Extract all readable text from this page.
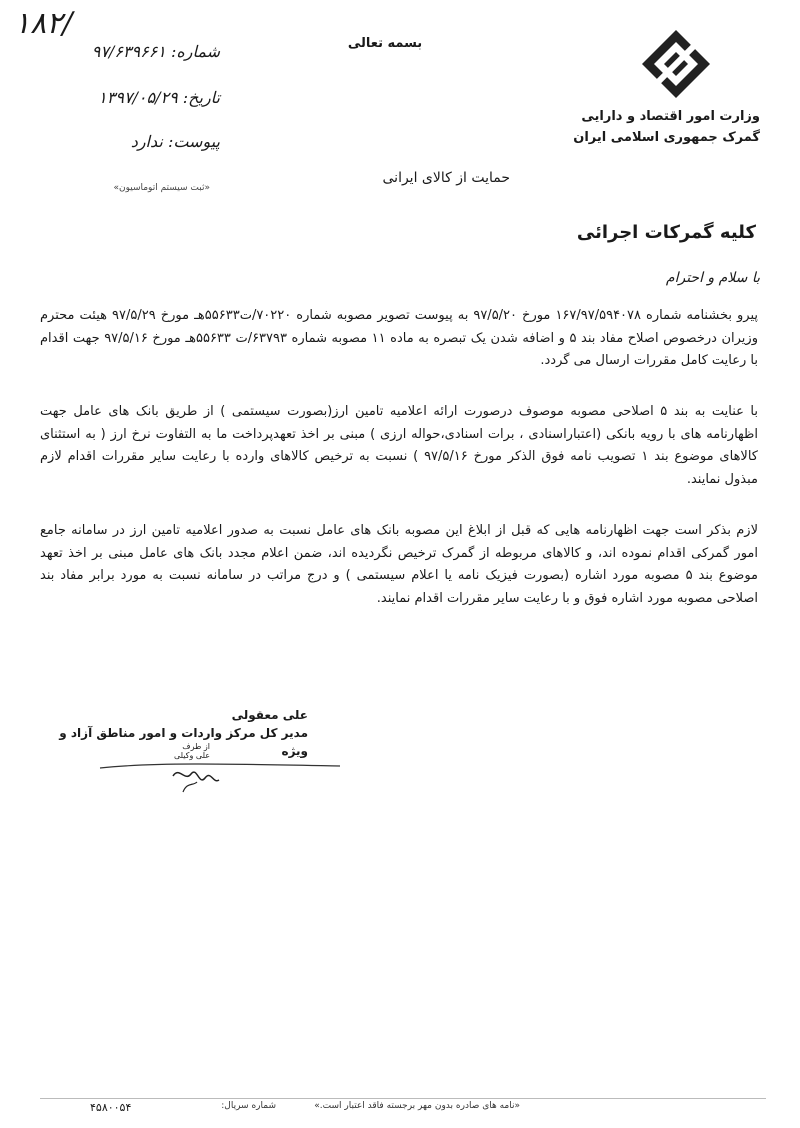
۱۸۲/
بسمه تعالی
شماره: ۹۷/۶۳۹۶۶۱
تاریخ: ۱۳۹۷/۰۵/۲۹
پیوست: ندارد
«ثبت سیستم اتوماسیون»
وزارت امور اقتصاد و دارایی
گمرک جمهوری اسلامی ایران
حمایت از کالای ایرانی
کلیه گمرکات اجرائی
با سلام و احترام
پیرو بخشنامه شماره ۱۶۷/۹۷/۵۹۴۰۷۸ مورخ ۹۷/۵/۲۰ به پیوست تصویر مصوبه شماره ۷۰۲۲۰/ت۵۵۶۳۳هـ مورخ ۹۷/۵/۲۹ هیئت محترم وزیران درخصوص اصلاح مفاد بند ۵ و اضافه شدن یک تبصره به ماده ۱۱ مصوبه شماره ۶۳۷۹۳/ت ۵۵۶۳۳هـ مورخ ۹۷/۵/۱۶ جهت اقدام با رعایت کامل مقررات ارسال می گردد.
با عنایت به بند ۵ اصلاحی مصوبه موصوف درصورت ارائه اعلامیه تامین ارز(بصورت سیستمی ) از طریق بانک های عامل جهت اظهارنامه های با رویه بانکی (اعتباراسنادی ، برات اسنادی،حواله ارزی ) مبنی بر اخذ تعهدپرداخت ما به التفاوت نرخ ارز ( به استثنای کالاهای موضوع بند ۱ تصویب نامه فوق الذکر مورخ ۹۷/۵/۱۶ ) نسبت به ترخیص کالاهای وارده با رعایت سایر مقررات اقدام لازم مبذول نمایند.
لازم بذکر است جهت اظهارنامه هایی که قبل از ابلاغ این مصوبه بانک های عامل نسبت به صدور اعلامیه تامین ارز در سامانه جامع امور گمرکی اقدام نموده اند، و کالاهای مربوطه از گمرک ترخیص نگردیده اند، ضمن اعلام مجدد بانک های عامل مبنی بر اخذ تعهد موضوع بند ۵ مصوبه مورد اشاره (بصورت فیزیک نامه یا اعلام سیستمی ) و درج مراتب در سامانه نسبت به مورد برابر مفاد بند اصلاحی مصوبه مورد اشاره فوق و با رعایت سایر مقررات اقدام نمایند.
علی معقولی
مدیر کل مرکز واردات و امور مناطق آزاد و ویژه
از طرف
علی وکیلی
«نامه های صادره بدون مهر برجسته فاقد اعتبار است.»
شماره سریال:
۴۵۸۰۰۵۴
